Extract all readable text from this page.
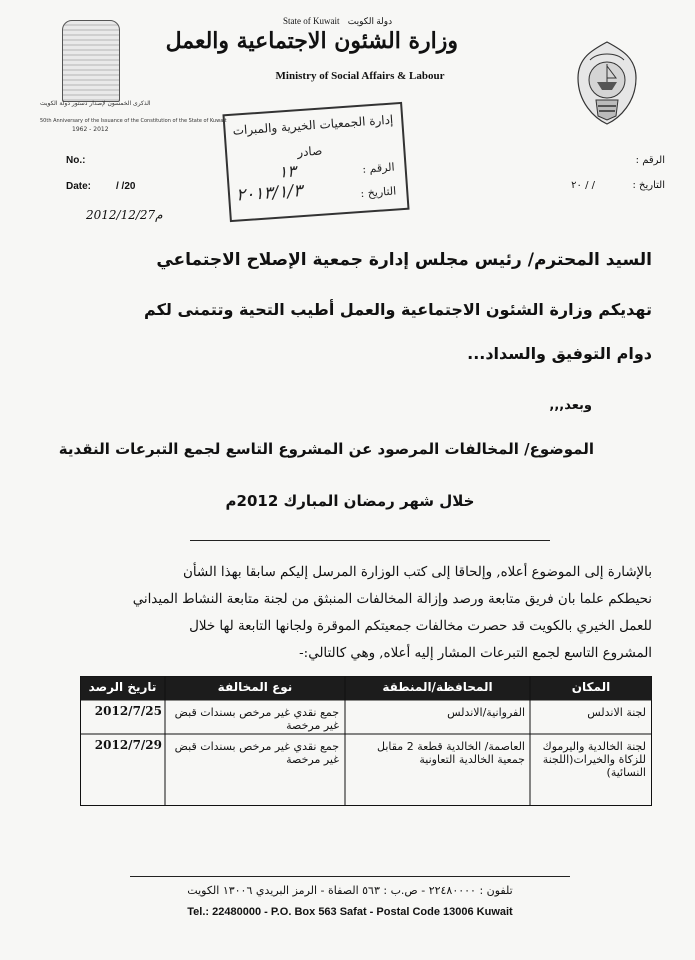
الذكرى الخمسون لإصدار دستور دولة الكويت
50th Anniversary of the Issuance of the Constitution of the State of Kuwait
1962 - 2012
State of Kuwait دولة الكويت
وزارة الشئون الاجتماعية والعمل
Ministry of Social Affairs & Labour
إدارة الجمعيات الخيرية والمبرات
صادر
الرقم :
١٣
التاريخ :
٢٠١٣/١/٣
No.:
Date: / /20
2012/12/27م
الرقم :
التاريخ :
/ / ٢٠
السيد المحترم/ رئيس مجلس إدارة جمعية الإصلاح الاجتماعي
تهديكم وزارة الشئون الاجتماعية والعمل أطيب التحية وتتمنى لكم
دوام التوفيق والسداد...
وبعد,,,
الموضوع/ المخالفات المرصود عن المشروع التاسع لجمع التبرعات النقدية
خلال شهر رمضان المبارك 2012م
بالإشارة إلى الموضوع أعلاه, وإلحاقا إلى كتب الوزارة المرسل إليكم سابقا بهذا الشأن
نحيطكم علما بان فريق متابعة ورصد وإزالة المخالفات المنبثق من لجنة متابعة النشاط الميداني
للعمل الخيري بالكويت قد حصرت مخالفات جمعيتكم الموقرة ولجانها التابعة لها خلال
المشروع التاسع لجمع التبرعات المشار إليه أعلاه, وهي كالتالي:-
المكان
المحافظة/المنطقة
نوع المخالفة
تاريخ الرصد
لجنة الاندلس
الفروانية/الاندلس
جمع نقدي غير مرخص بسندات قبض غير مرخصة
2012/7/25
لجنة الخالدية واليرموك للزكاة والخيرات(اللجنة النسائية)
العاصمة/ الخالدية قطعة 2 مقابل جمعية الخالدية التعاونية
جمع نقدي غير مرخص بسندات قبض غير مرخصة
2012/7/29
تلفون : ٢٢٤٨٠٠٠٠ - ص.ب : ٥٦٣ الصفاة - الرمز البريدي ١٣٠٠٦ الكويت
Tel.: 22480000 - P.O. Box 563 Safat - Postal Code 13006 Kuwait
